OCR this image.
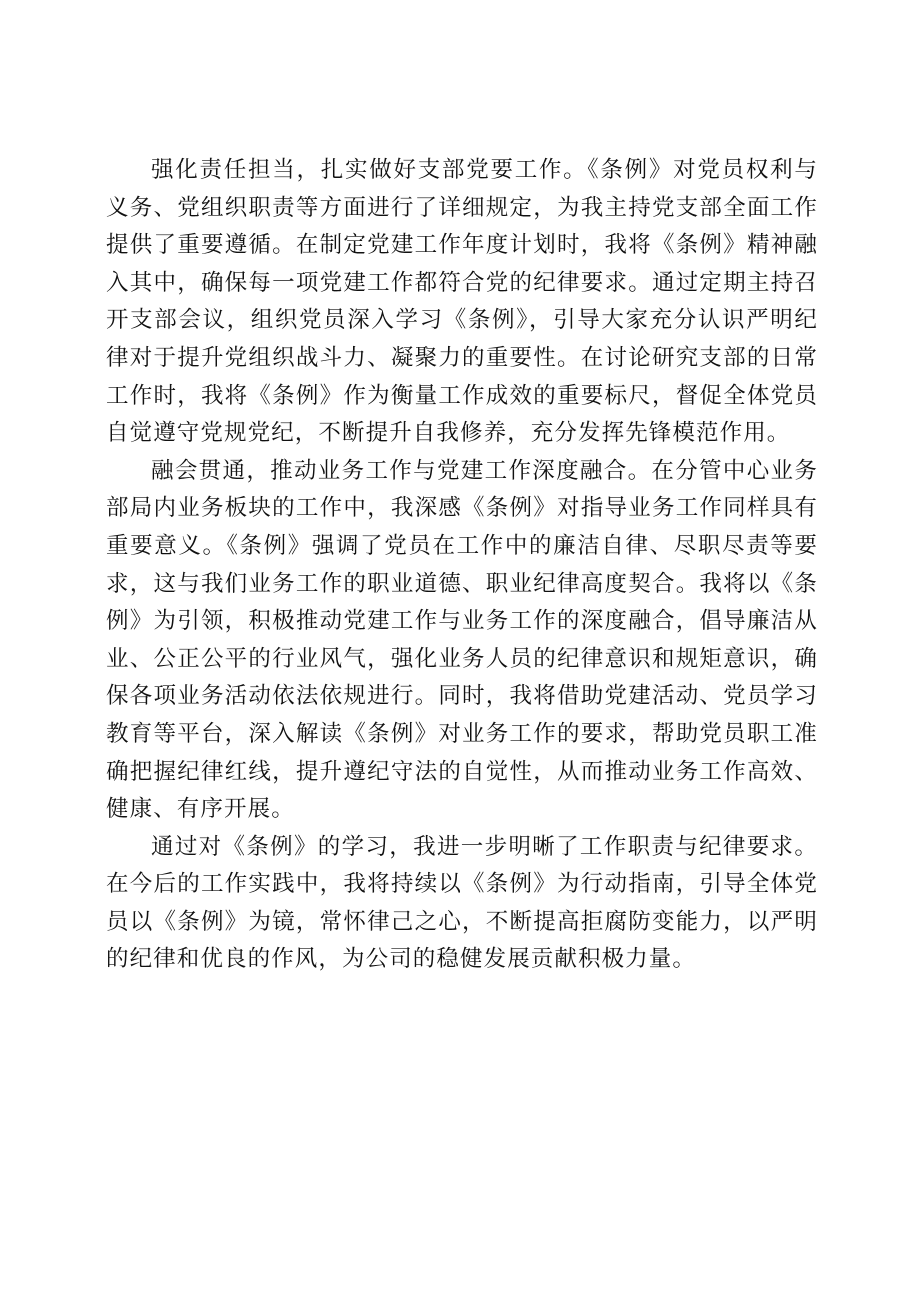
强化责任担当，扎实做好支部党要工作。《条例》对党员权利与义务、党组织职责等方面进行了详细规定，为我主持党支部全面工作提供了重要遵循。在制定党建工作年度计划时，我将《条例》精神融入其中，确保每一项党建工作都符合党的纪律要求。通过定期主持召开支部会议，组织党员深入学习《条例》，引导大家充分认识严明纪律对于提升党组织战斗力、凝聚力的重要性。在讨论研究支部的日常工作时，我将《条例》作为衡量工作成效的重要标尺，督促全体党员自觉遵守党规党纪，不断提升自我修养，充分发挥先锋模范作用。

融会贯通，推动业务工作与党建工作深度融合。在分管中心业务部局内业务板块的工作中，我深感《条例》对指导业务工作同样具有重要意义。《条例》强调了党员在工作中的廉洁自律、尽职尽责等要求，这与我们业务工作的职业道德、职业纪律高度契合。我将以《条例》为引领，积极推动党建工作与业务工作的深度融合，倡导廉洁从业、公正公平的行业风气，强化业务人员的纪律意识和规矩意识，确保各项业务活动依法依规进行。同时，我将借助党建活动、党员学习教育等平台，深入解读《条例》对业务工作的要求，帮助党员职工准确把握纪律红线，提升遵纪守法的自觉性，从而推动业务工作高效、健康、有序开展。

通过对《条例》的学习，我进一步明晰了工作职责与纪律要求。在今后的工作实践中，我将持续以《条例》为行动指南，引导全体党员以《条例》为镜，常怀律己之心，不断提高拒腐防变能力，以严明的纪律和优良的作风，为公司的稳健发展贡献积极力量。
